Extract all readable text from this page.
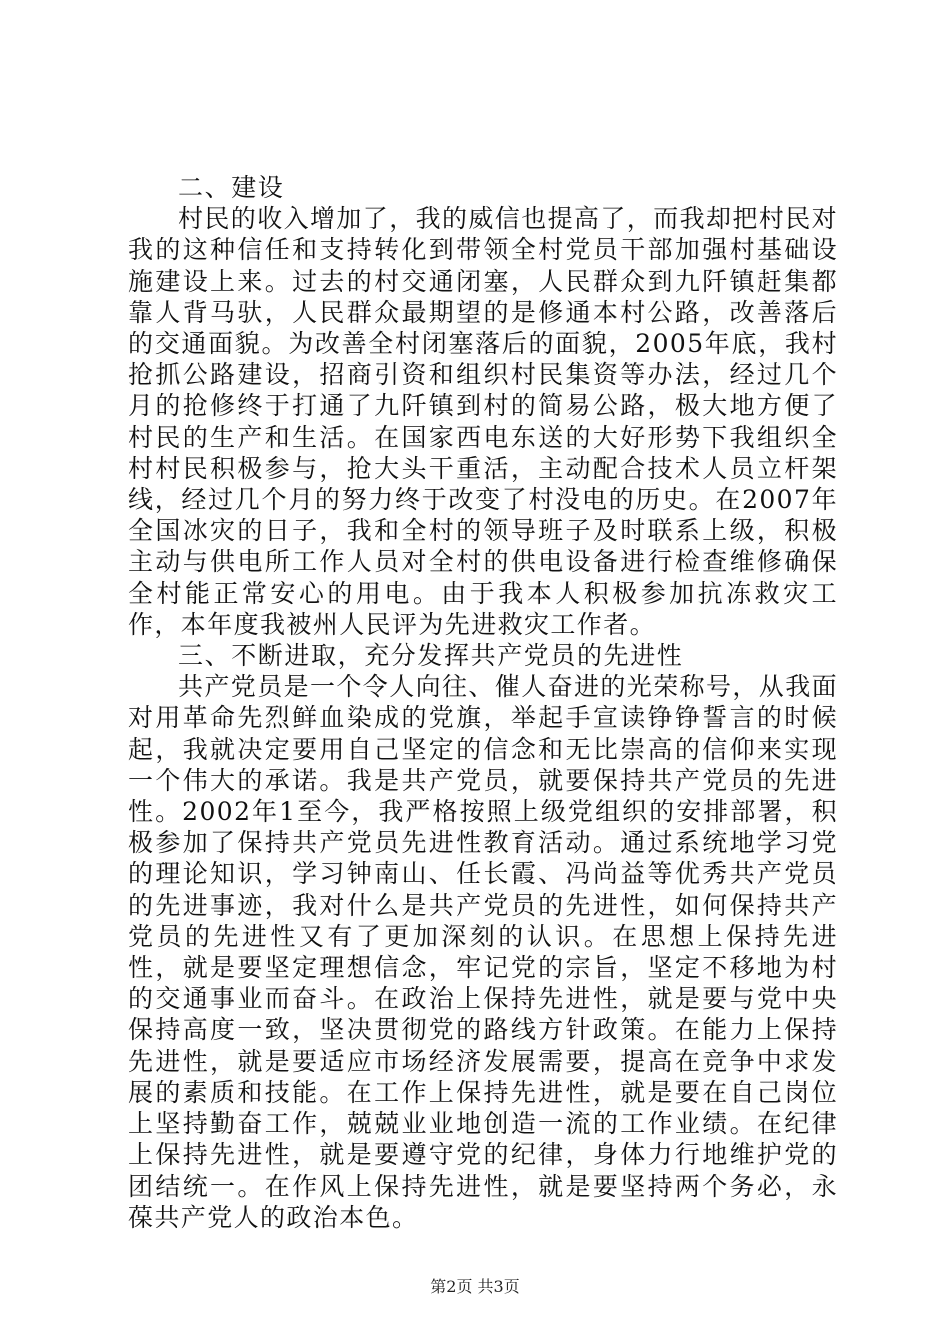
二、建设

村民的收入增加了，我的威信也提高了，而我却把村民对我的这种信任和支持转化到带领全村党员干部加强村基础设施建设上来。过去的村交通闭塞，人民群众到九阡镇赶集都靠人背马驮，人民群众最期望的是修通本村公路，改善落后的交通面貌。为改善全村闭塞落后的面貌，2005年底，我村抢抓公路建设，招商引资和组织村民集资等办法，经过几个月的抢修终于打通了九阡镇到村的简易公路，极大地方便了村民的生产和生活。在国家西电东送的大好形势下我组织全村村民积极参与，抢大头干重活，主动配合技术人员立杆架线，经过几个月的努力终于改变了村没电的历史。在2007年全国冰灾的日子，我和全村的领导班子及时联系上级，积极主动与供电所工作人员对全村的供电设备进行检查维修确保全村能正常安心的用电。由于我本人积极参加抗冻救灾工作，本年度我被州人民评为先进救灾工作者。

三、不断进取，充分发挥共产党员的先进性

共产党员是一个令人向往、催人奋进的光荣称号，从我面对用革命先烈鲜血染成的党旗，举起手宣读铮铮誓言的时候起，我就决定要用自己坚定的信念和无比崇高的信仰来实现一个伟大的承诺。我是共产党员，就要保持共产党员的先进性。2002年1至今，我严格按照上级党组织的安排部署，积极参加了保持共产党员先进性教育活动。通过系统地学习党的理论知识，学习钟南山、任长霞、冯尚益等优秀共产党员的先进事迹，我对什么是共产党员的先进性，如何保持共产党员的先进性又有了更加深刻的认识。在思想上保持先进性，就是要坚定理想信念，牢记党的宗旨，坚定不移地为村的交通事业而奋斗。在政治上保持先进性，就是要与党中央保持高度一致，坚决贯彻党的路线方针政策。在能力上保持先进性，就是要适应市场经济发展需要，提高在竞争中求发展的素质和技能。在工作上保持先进性，就是要在自己岗位上坚持勤奋工作，兢兢业业地创造一流的工作业绩。在纪律上保持先进性，就是要遵守党的纪律，身体力行地维护党的团结统一。在作风上保持先进性，就是要坚持两个务必，永葆共产党人的政治本色。

第2页 共3页
